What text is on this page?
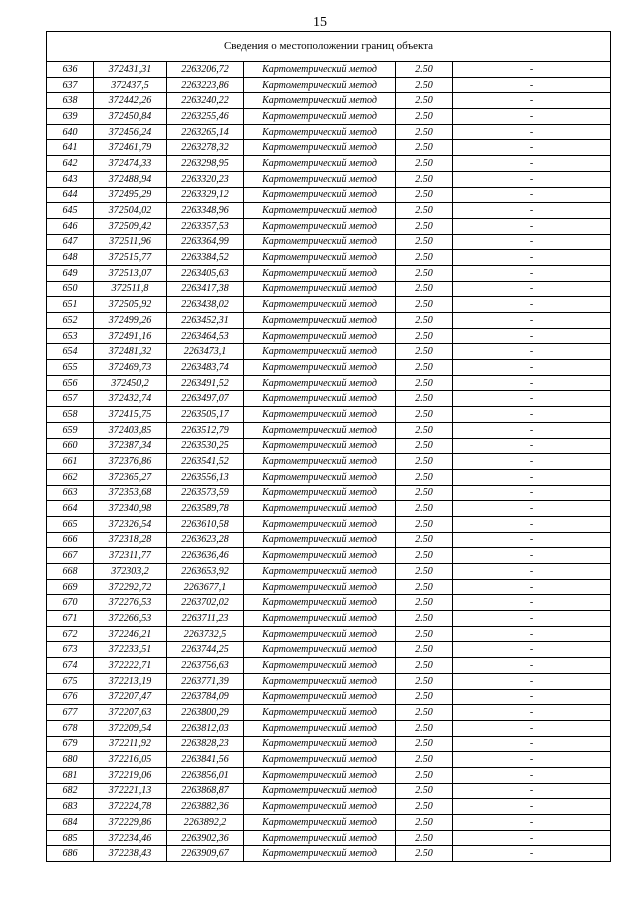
15
Сведения о местоположении границ объекта					
636	372431,31	2263206,72	Картометрический метод	2.50	-
637	372437,5	2263223,86	Картометрический метод	2.50	-
638	372442,26	2263240,22	Картометрический метод	2.50	-
639	372450,84	2263255,46	Картометрический метод	2.50	-
640	372456,24	2263265,14	Картометрический метод	2.50	-
641	372461,79	2263278,32	Картометрический метод	2.50	-
642	372474,33	2263298,95	Картометрический метод	2.50	-
643	372488,94	2263320,23	Картометрический метод	2.50	-
644	372495,29	2263329,12	Картометрический метод	2.50	-
645	372504,02	2263348,96	Картометрический метод	2.50	-
646	372509,42	2263357,53	Картометрический метод	2.50	-
647	372511,96	2263364,99	Картометрический метод	2.50	-
648	372515,77	2263384,52	Картометрический метод	2.50	-
649	372513,07	2263405,63	Картометрический метод	2.50	-
650	372511,8	2263417,38	Картометрический метод	2.50	-
651	372505,92	2263438,02	Картометрический метод	2.50	-
652	372499,26	2263452,31	Картометрический метод	2.50	-
653	372491,16	2263464,53	Картометрический метод	2.50	-
654	372481,32	2263473,1	Картометрический метод	2.50	-
655	372469,73	2263483,74	Картометрический метод	2.50	-
656	372450,2	2263491,52	Картометрический метод	2.50	-
657	372432,74	2263497,07	Картометрический метод	2.50	-
658	372415,75	2263505,17	Картометрический метод	2.50	-
659	372403,85	2263512,79	Картометрический метод	2.50	-
660	372387,34	2263530,25	Картометрический метод	2.50	-
661	372376,86	2263541,52	Картометрический метод	2.50	-
662	372365,27	2263556,13	Картометрический метод	2.50	-
663	372353,68	2263573,59	Картометрический метод	2.50	-
664	372340,98	2263589,78	Картометрический метод	2.50	-
665	372326,54	2263610,58	Картометрический метод	2.50	-
666	372318,28	2263623,28	Картометрический метод	2.50	-
667	372311,77	2263636,46	Картометрический метод	2.50	-
668	372303,2	2263653,92	Картометрический метод	2.50	-
669	372292,72	2263677,1	Картометрический метод	2.50	-
670	372276,53	2263702,02	Картометрический метод	2.50	-
671	372266,53	2263711,23	Картометрический метод	2.50	-
672	372246,21	2263732,5	Картометрический метод	2.50	-
673	372233,51	2263744,25	Картометрический метод	2.50	-
674	372222,71	2263756,63	Картометрический метод	2.50	-
675	372213,19	2263771,39	Картометрический метод	2.50	-
676	372207,47	2263784,09	Картометрический метод	2.50	-
677	372207,63	2263800,29	Картометрический метод	2.50	-
678	372209,54	2263812,03	Картометрический метод	2.50	-
679	372211,92	2263828,23	Картометрический метод	2.50	-
680	372216,05	2263841,56	Картометрический метод	2.50	-
681	372219,06	2263856,01	Картометрический метод	2.50	-
682	372221,13	2263868,87	Картометрический метод	2.50	-
683	372224,78	2263882,36	Картометрический метод	2.50	-
684	372229,86	2263892,2	Картометрический метод	2.50	-
685	372234,46	2263902,36	Картометрический метод	2.50	-
686	372238,43	2263909,67	Картометрический метод	2.50	-
